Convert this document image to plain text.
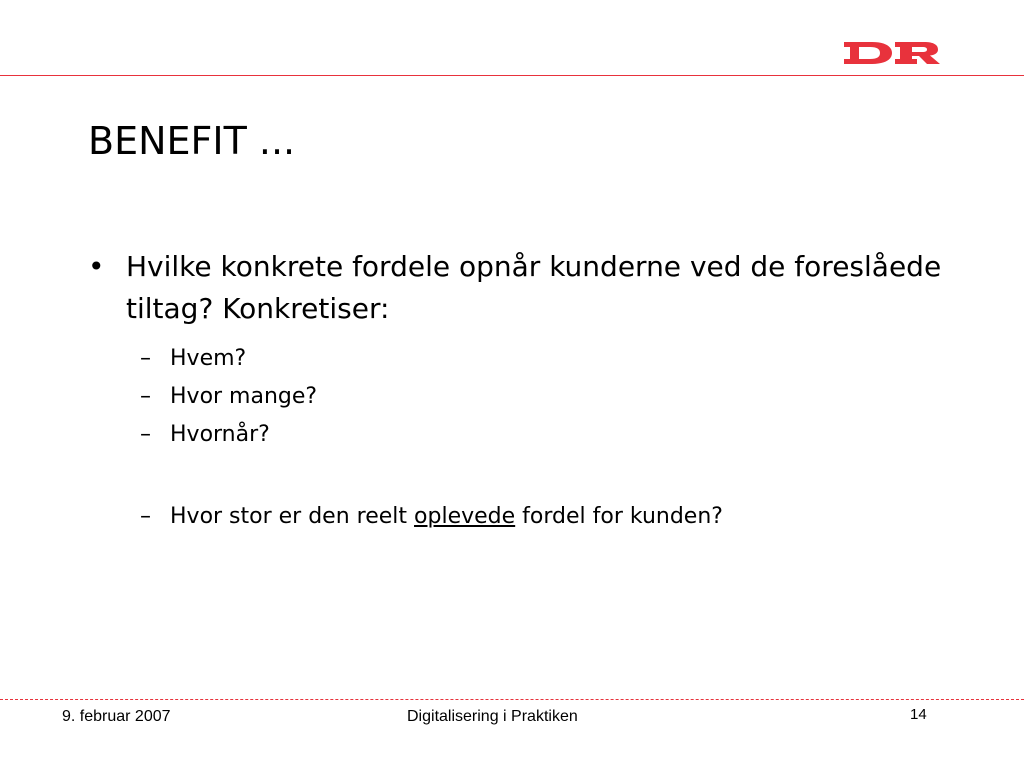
BENEFIT ...
• Hvilke konkrete fordele opnår kunderne ved de foreslåede tiltag? Konkretiser:
– Hvem?
– Hvor mange?
– Hvornår?
– Hvor stor er den reelt oplevede fordel for kunden?
9. februar 2007	Digitalisering i Praktiken	14
